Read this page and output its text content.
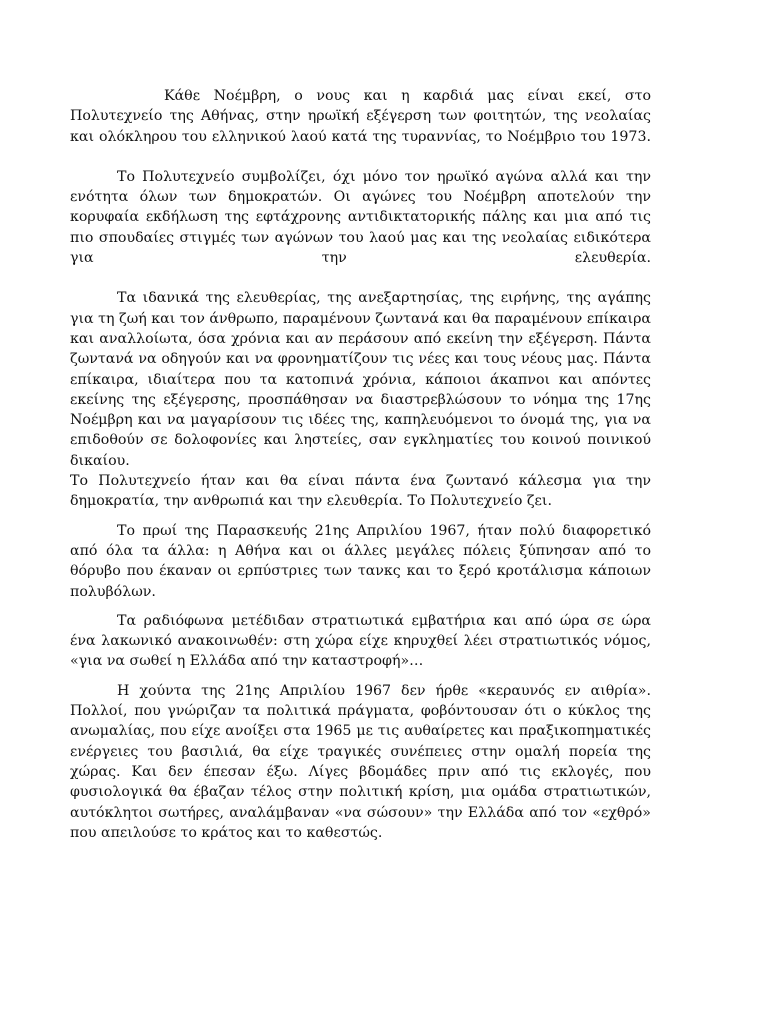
Κάθε Νοέμβρη, ο νους και η καρδιά μας είναι εκεί, στο Πολυτεχνείο της Αθήνας, στην ηρωϊκή εξέγερση των φοιτητών, της νεολαίας και ολόκληρου του ελληνικού λαού κατά της τυραννίας, το Νοέμβριο του 1973.

Το Πολυτεχνείο συμβολίζει, όχι μόνο τον ηρωϊκό αγώνα αλλά και την ενότητα όλων των δημοκρατών. Οι αγώνες του Νοέμβρη αποτελούν την κορυφαία εκδήλωση της εφτάχρονης αντιδικτατορικής πάλης και μια από τις πιο σπουδαίες στιγμές των αγώνων του λαού μας και της νεολαίας ειδικότερα για την ελευθερία.

Τα ιδανικά της ελευθερίας, της ανεξαρτησίας, της ειρήνης, της αγάπης για τη ζωή και τον άνθρωπο, παραμένουν ζωντανά και θα παραμένουν επίκαιρα και αναλλοίωτα, όσα χρόνια και αν περάσουν από εκείνη την εξέγερση. Πάντα ζωντανά να οδηγούν και να φρονηματίζουν τις νέες και τους νέους μας. Πάντα επίκαιρα, ιδιαίτερα που τα κατοπινά χρόνια, κάποιοι άκαπνοι και απόντες εκείνης της εξέγερσης, προσπάθησαν να διαστρεβλώσουν το νόημα της 17ης Νοέμβρη και να μαγαρίσουν τις ιδέες της, καπηλευόμενοι το όνομά της, για να επιδοθούν σε δολοφονίες και ληστείες, σαν εγκληματίες του κοινού ποινικού δικαίου.

Το Πολυτεχνείο ήταν και θα είναι πάντα ένα ζωντανό κάλεσμα για την δημοκρατία, την ανθρωπιά και την ελευθερία. Το Πολυτεχνείο ζει.

Το πρωί της Παρασκευής 21ης Απριλίου 1967, ήταν πολύ διαφορετικό από όλα τα άλλα: η Αθήνα και οι άλλες μεγάλες πόλεις ξύπνησαν από το θόρυβο που έκαναν οι ερπύστριες των τανκς και το ξερό κροτάλισμα κάποιων πολυβόλων.

Τα ραδιόφωνα μετέδιδαν στρατιωτικά εμβατήρια και από ώρα σε ώρα ένα λακωνικό ανακοινωθέν: στη χώρα είχε κηρυχθεί λέει στρατιωτικός νόμος, «για να σωθεί η Ελλάδα από την καταστροφή»…

Η χούντα της 21ης Απριλίου 1967 δεν ήρθε «κεραυνός εν αιθρία». Πολλοί, που γνώριζαν τα πολιτικά πράγματα, φοβόντουσαν ότι ο κύκλος της ανωμαλίας, που είχε ανοίξει στα 1965 με τις αυθαίρετες και πραξικοπηματικές ενέργειες του βασιλιά, θα είχε τραγικές συνέπειες στην ομαλή πορεία της χώρας. Και δεν έπεσαν έξω. Λίγες βδομάδες πριν από τις εκλογές, που φυσιολογικά θα έβαζαν τέλος στην πολιτική κρίση, μια ομάδα στρατιωτικών, αυτόκλητοι σωτήρες, αναλάμβαναν «να σώσουν» την Ελλάδα από τον «εχθρό» που απειλούσε το κράτος και το καθεστώς.
